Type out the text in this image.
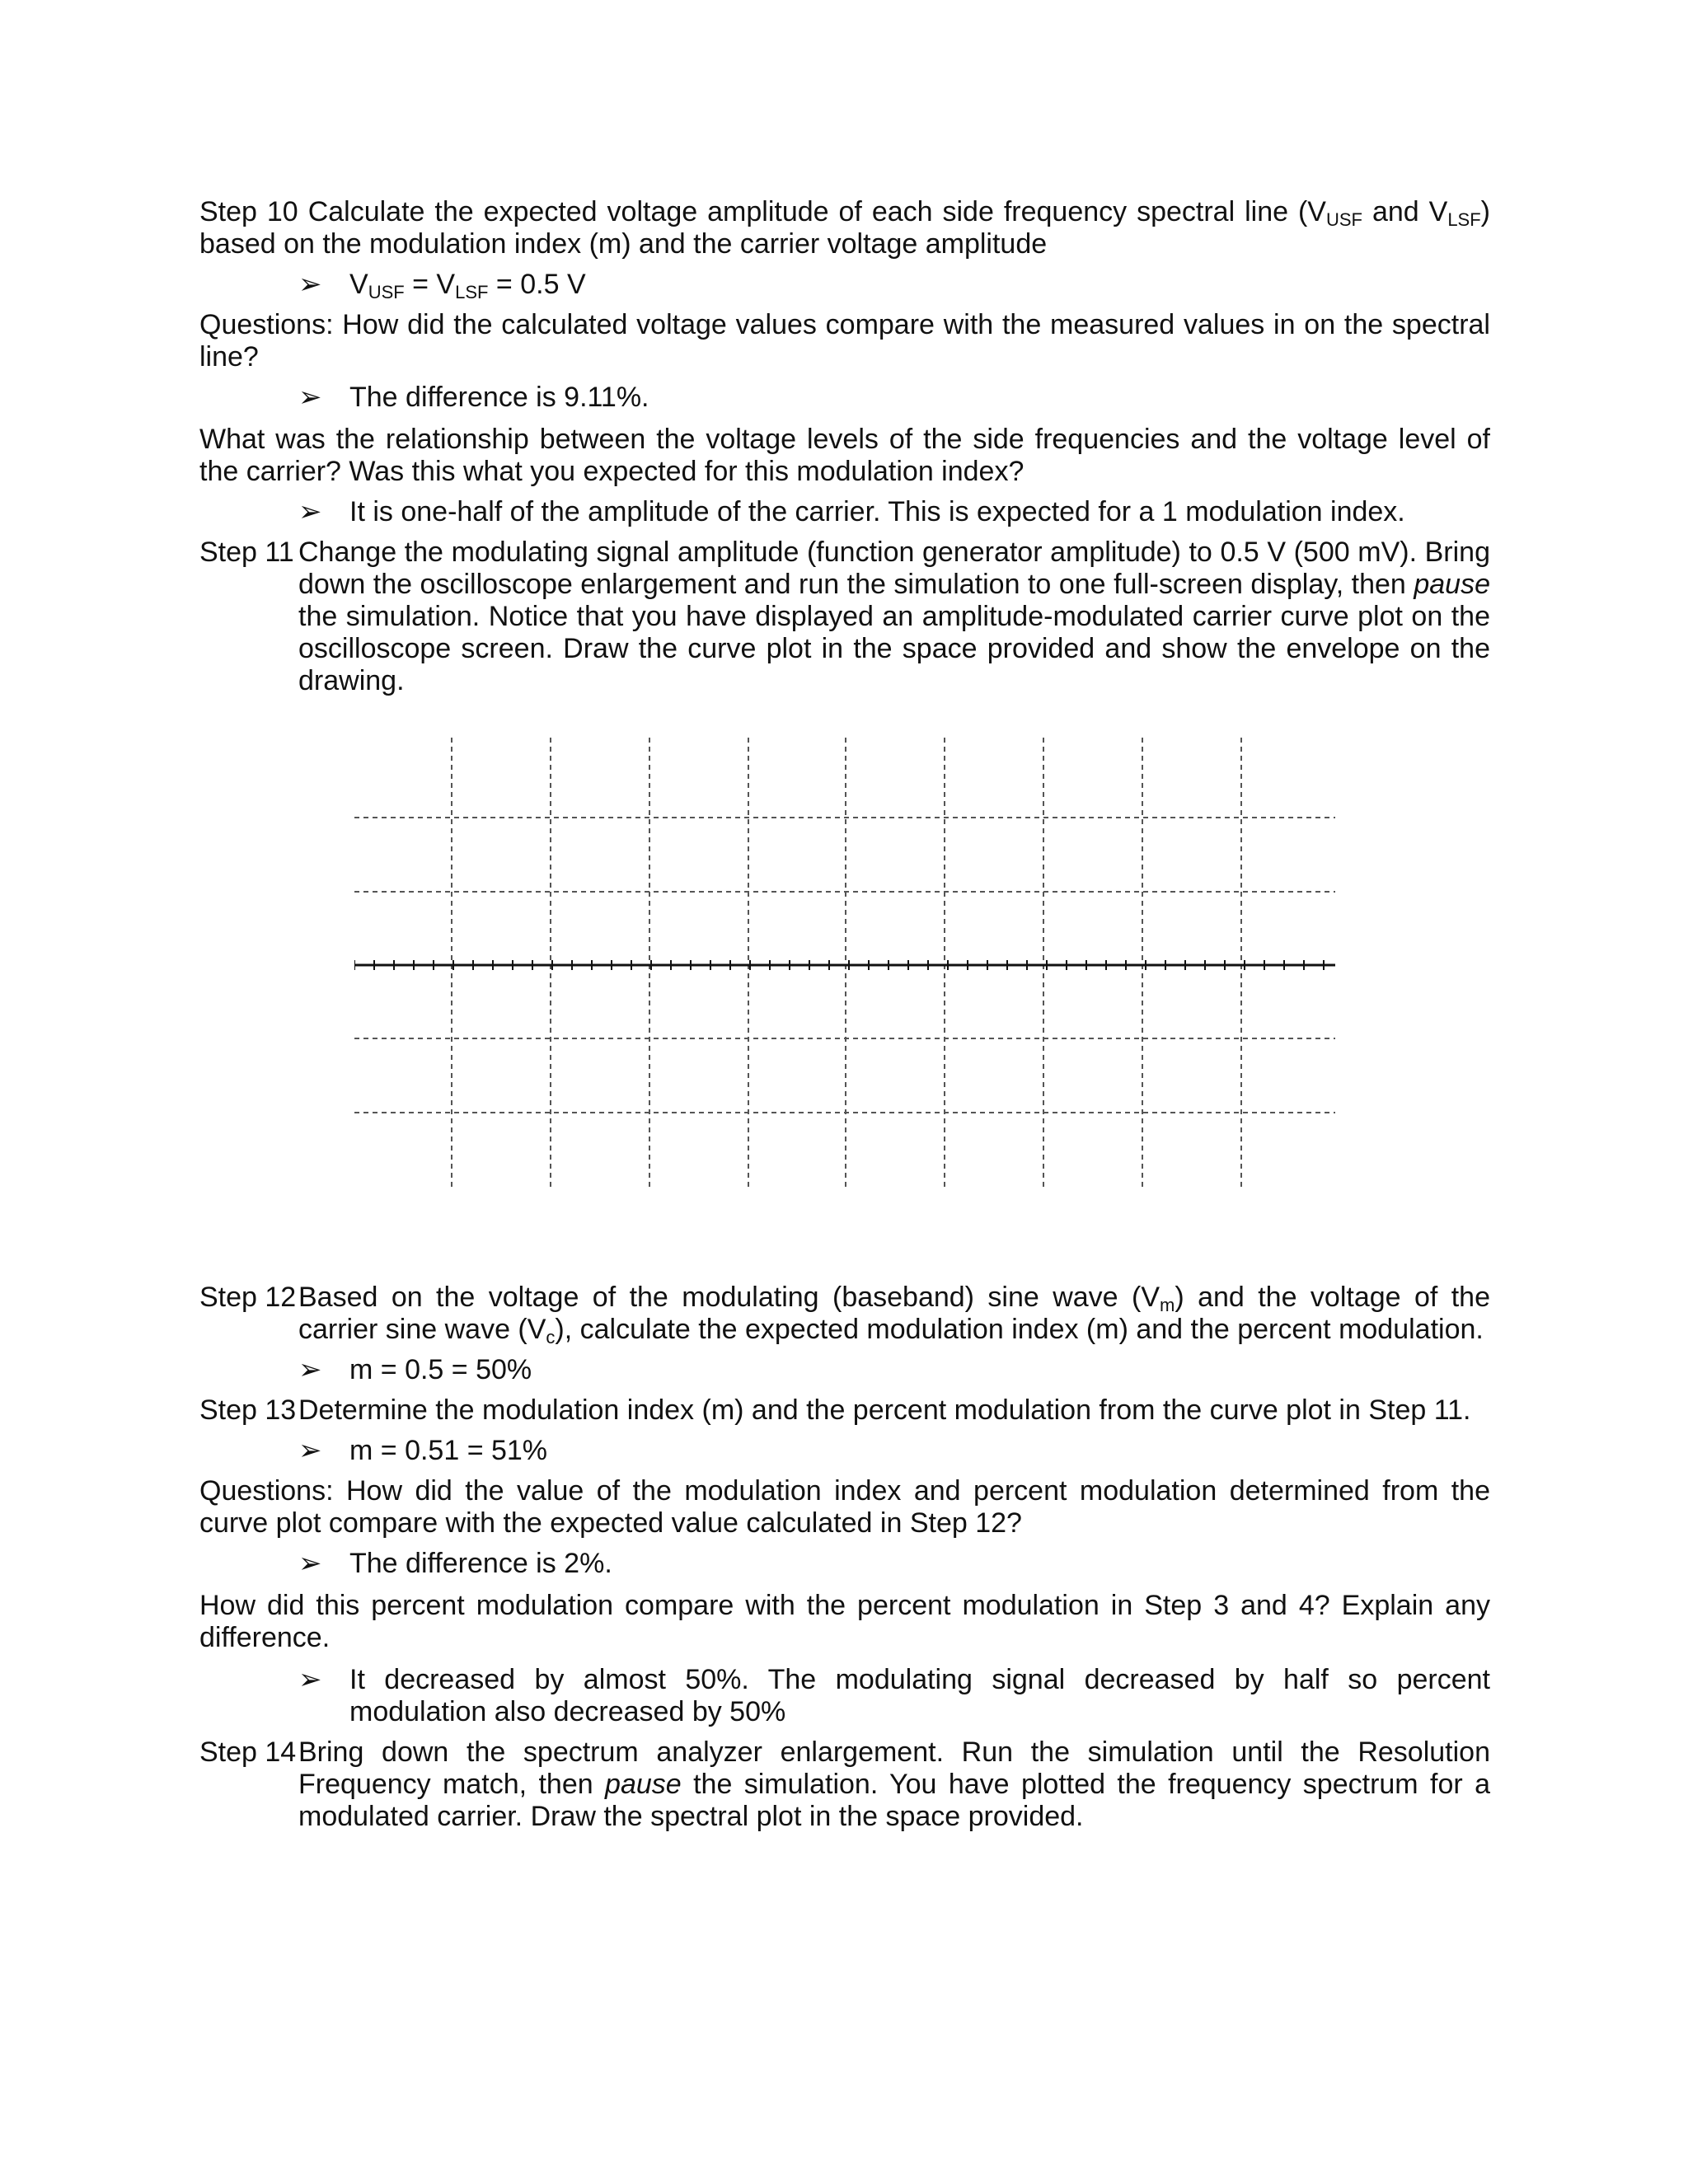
Step 10 Calculate the expected voltage amplitude of each side frequency spectral line ($V_{USF}$ and $V_{LSF}$) based on the modulation index (m) and the carrier voltage amplitude

➢ $V_{USF} = V_{LSF} = 0.5$ V

Questions: How did the calculated voltage values compare with the measured values in on the spectral line?

➢ The difference is 9.11%.

What was the relationship between the voltage levels of the side frequencies and the voltage level of the carrier? Was this what you expected for this modulation index?

➢ It is one-half of the amplitude of the carrier. This is expected for a 1 modulation index.
Step 11 Change the modulating signal amplitude (function generator amplitude) to 0.5 V (500 mV). Bring down the oscilloscope enlargement and run the simulation to one full-screen display, then pause the simulation. Notice that you have displayed an amplitude-modulated carrier curve plot on the oscilloscope screen. Draw the curve plot in the space provided and show the envelope on the drawing.
Step 12 Based on the voltage of the modulating (baseband) sine wave $(V_m)$ and the voltage of the carrier sine wave $(V_c)$, calculate the expected modulation index (m) and the percent modulation.
➢ m = 0.5 = 50%
Step 13 Determine the modulation index (m) and the percent modulation from the curve plot in Step 11.
➢ m = 0.51 = 51%

Questions: How did the value of the modulation index and percent modulation determined from the curve plot compare with the expected value calculated in Step 12?

➢ The difference is 2%.

How did this percent modulation compare with the percent modulation in Step 3 and 4? Explain any difference.

➢ It decreased by almost 50%. The modulating signal decreased by half so percent modulation also decreased by 50%
Step 14 Bring down the spectrum analyzer enlargement. Run the simulation until the Resolution Frequency match, then pause the simulation. You have plotted the frequency spectrum for a modulated carrier. Draw the spectral plot in the space provided.
